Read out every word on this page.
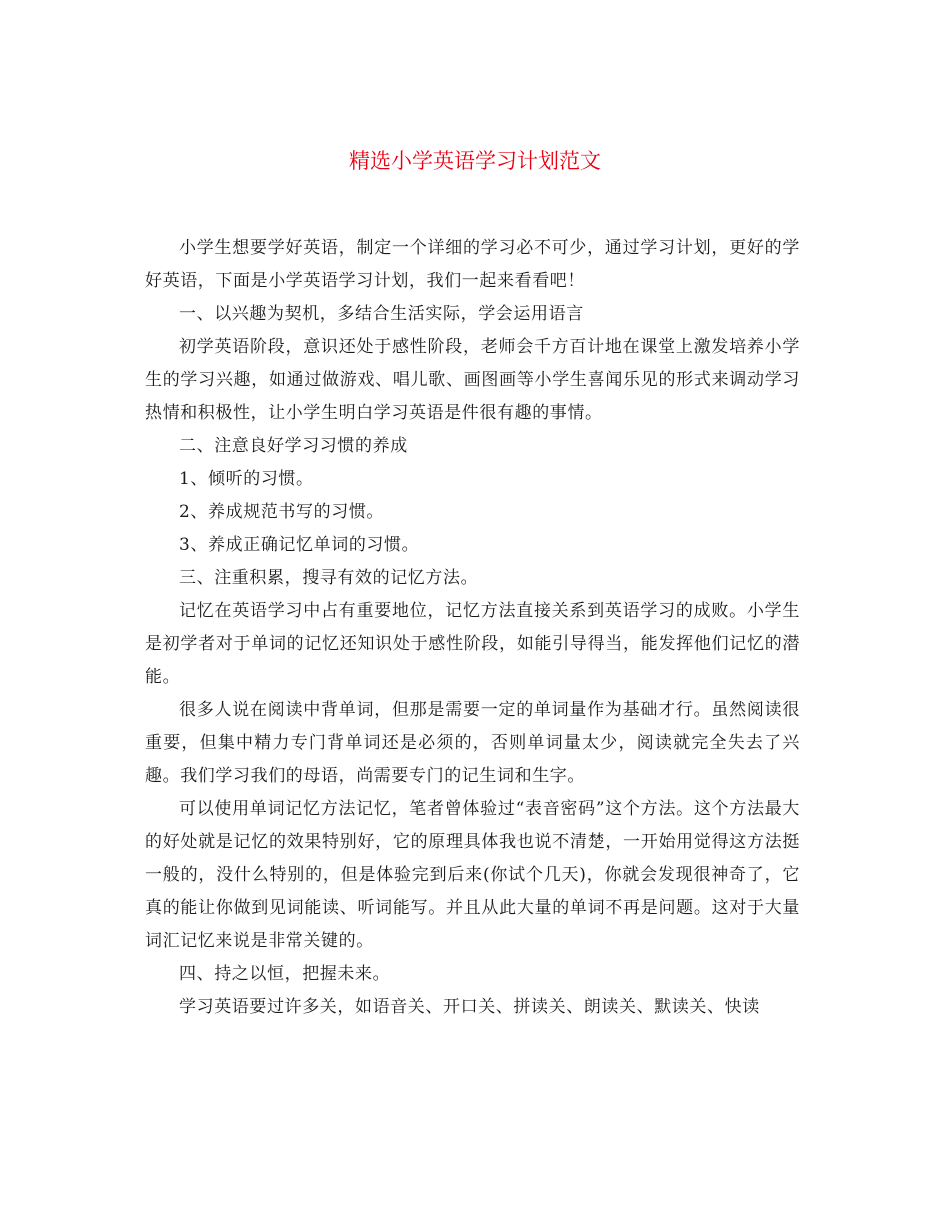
精选小学英语学习计划范文

小学生想要学好英语，制定一个详细的学习必不可少，通过学习计划，更好的学好英语，下面是小学英语学习计划，我们一起来看看吧！

一、以兴趣为契机，多结合生活实际，学会运用语言

初学英语阶段，意识还处于感性阶段，老师会千方百计地在课堂上激发培养小学生的学习兴趣，如通过做游戏、唱儿歌、画图画等小学生喜闻乐见的形式来调动学习热情和积极性，让小学生明白学习英语是件很有趣的事情。

二、注意良好学习习惯的养成

1、倾听的习惯。

2、养成规范书写的习惯。

3、养成正确记忆单词的习惯。

三、注重积累，搜寻有效的记忆方法。

记忆在英语学习中占有重要地位，记忆方法直接关系到英语学习的成败。小学生是初学者对于单词的记忆还知识处于感性阶段，如能引导得当，能发挥他们记忆的潜能。

很多人说在阅读中背单词，但那是需要一定的单词量作为基础才行。虽然阅读很重要，但集中精力专门背单词还是必须的，否则单词量太少，阅读就完全失去了兴趣。我们学习我们的母语，尚需要专门的记生词和生字。

可以使用单词记忆方法记忆，笔者曾体验过“表音密码”这个方法。这个方法最大的好处就是记忆的效果特别好，它的原理具体我也说不清楚，一开始用觉得这方法挺一般的，没什么特别的，但是体验完到后来(你试个几天)，你就会发现很神奇了，它真的能让你做到见词能读、听词能写。并且从此大量的单词不再是问题。这对于大量词汇记忆来说是非常关键的。

四、持之以恒，把握未来。

学习英语要过许多关，如语音关、开口关、拼读关、朗读关、默读关、快读
